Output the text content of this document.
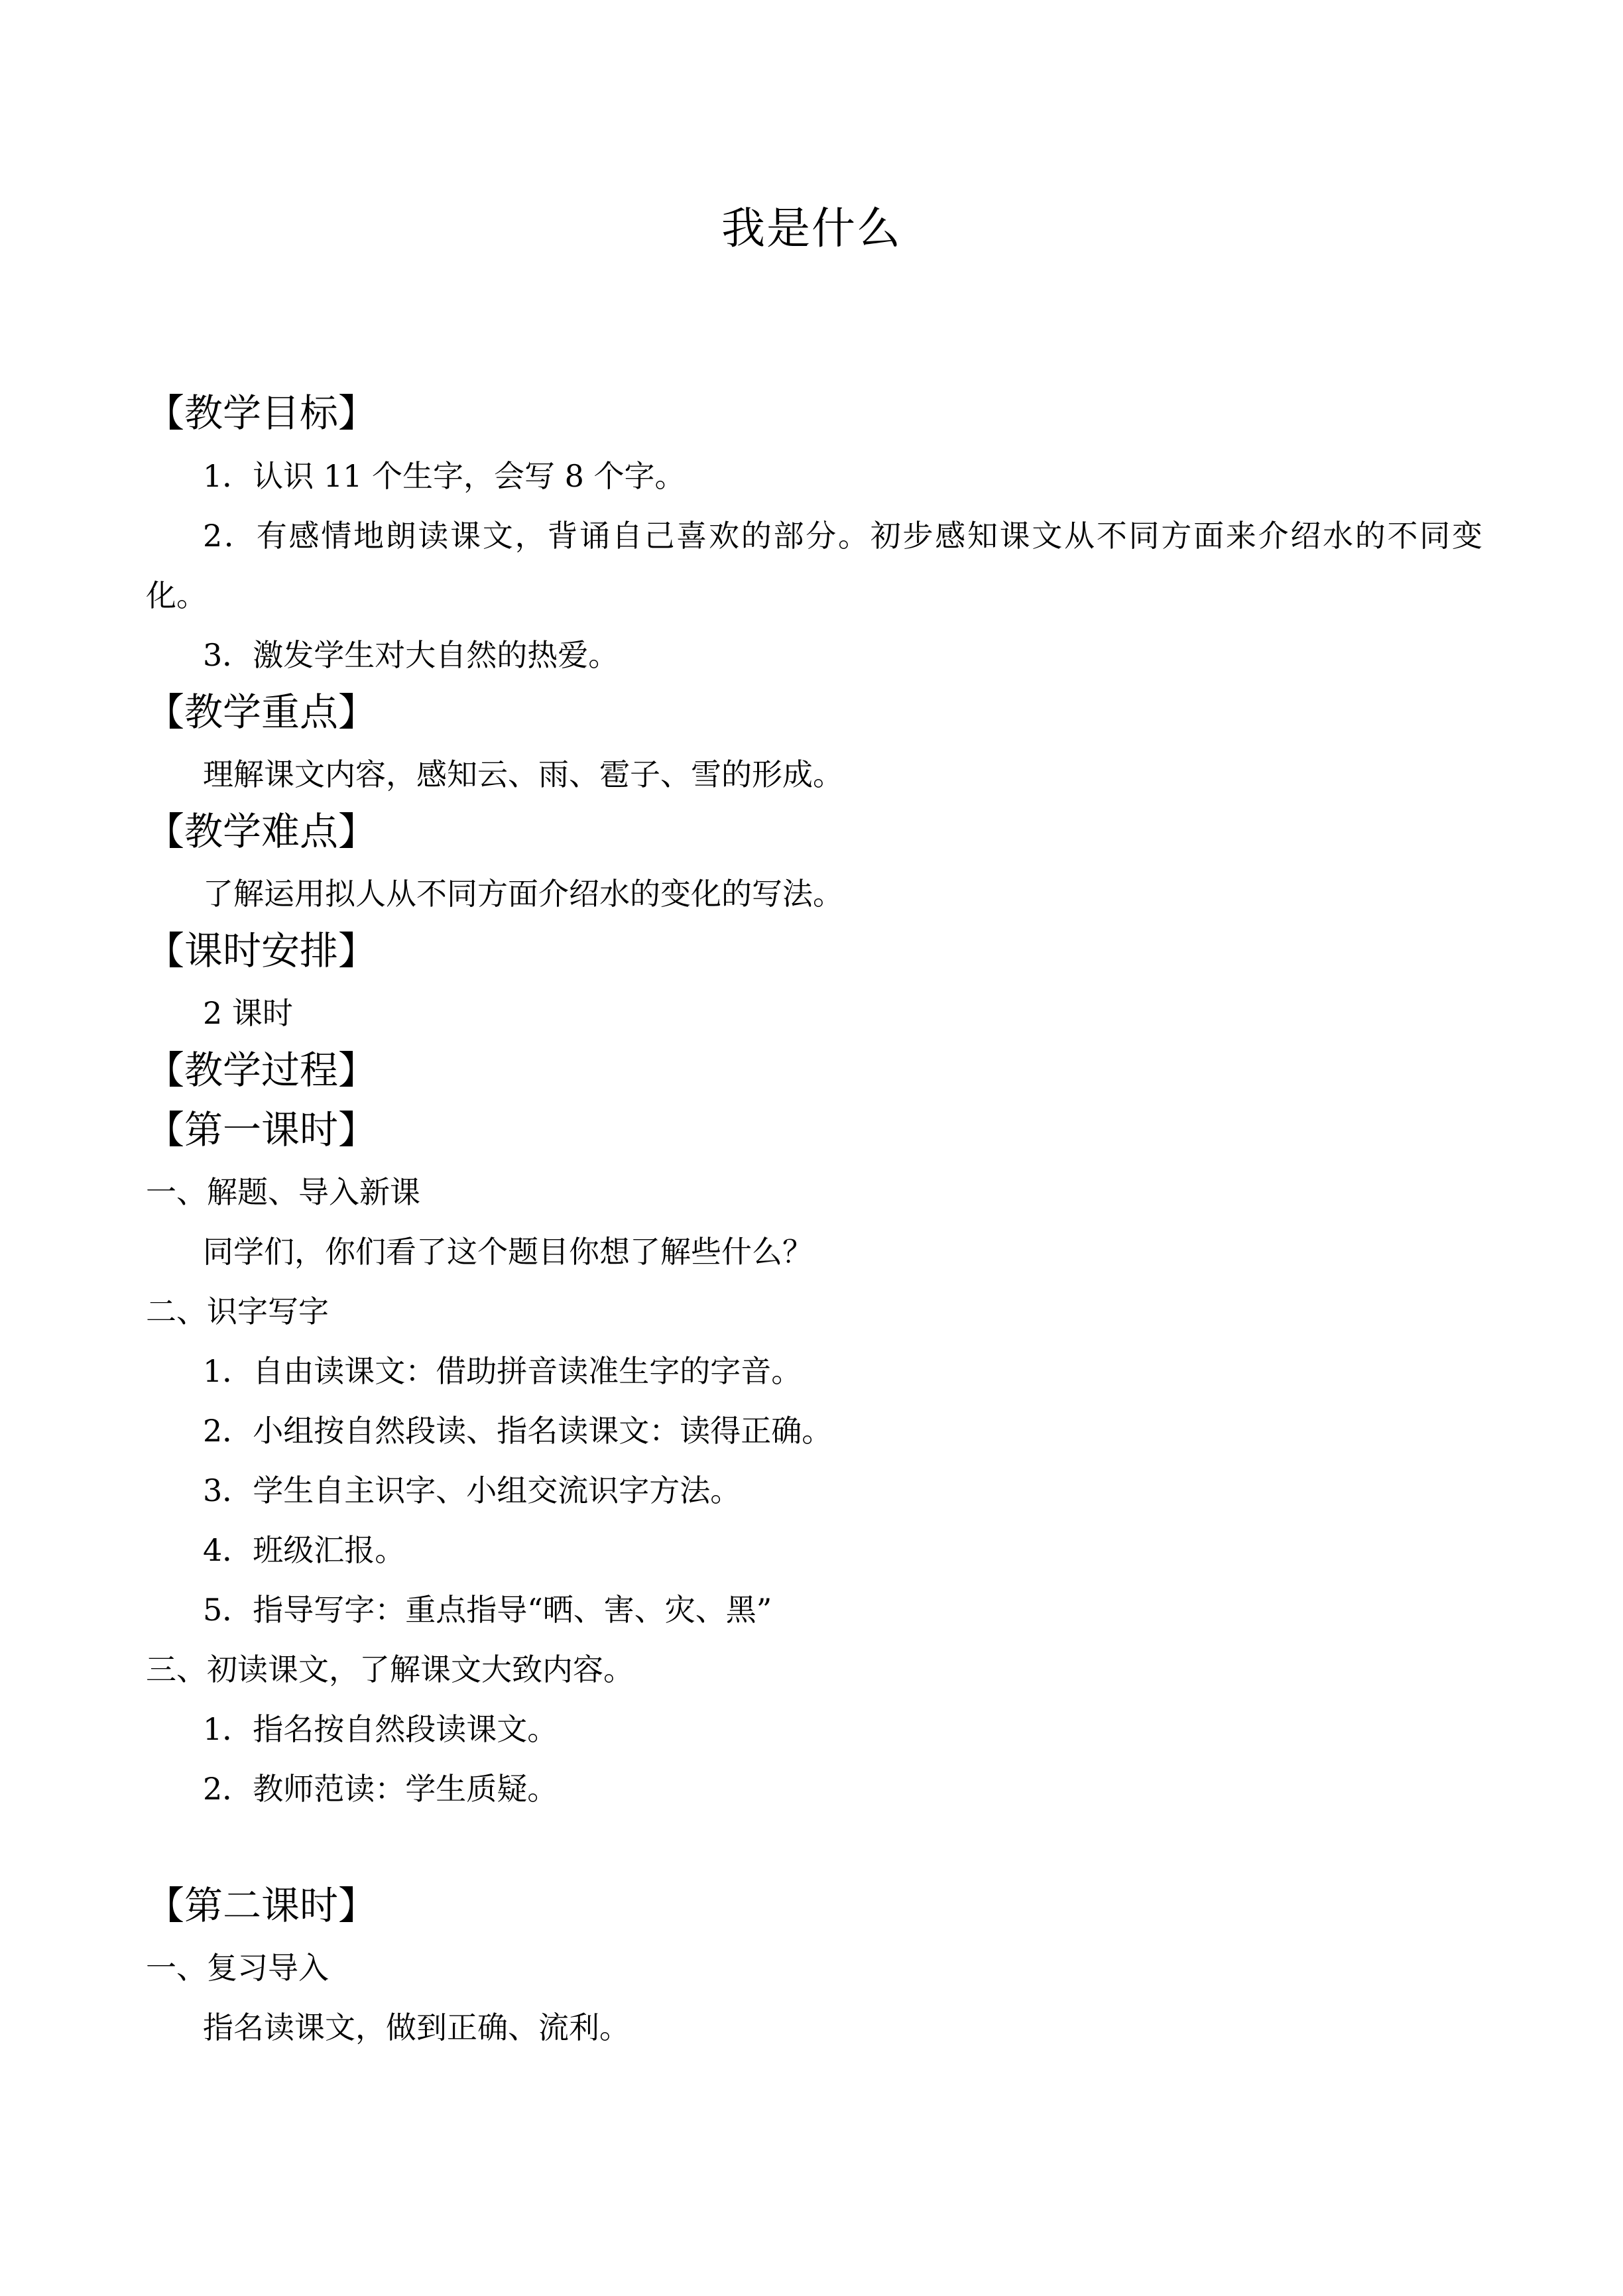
我是什么
【教学目标】
1．认识 11 个生字，会写 8 个字。
2．有感情地朗读课文，背诵自己喜欢的部分。初步感知课文从不同方面来介绍水的不同变
化。
3．激发学生对大自然的热爱。
【教学重点】
理解课文内容，感知云、雨、雹子、雪的形成。
【教学难点】
了解运用拟人从不同方面介绍水的变化的写法。
【课时安排】
2 课时
【教学过程】
【第一课时】
一、解题、导入新课
同学们，你们看了这个题目你想了解些什么？
二、识字写字
1．自由读课文：借助拼音读准生字的字音。
2．小组按自然段读、指名读课文：读得正确。
3．学生自主识字、小组交流识字方法。
4．班级汇报。
5．指导写字：重点指导“晒、害、灾、黑”
三、初读课文，了解课文大致内容。
1．指名按自然段读课文。
2．教师范读：学生质疑。
【第二课时】
一、复习导入
指名读课文，做到正确、流利。
